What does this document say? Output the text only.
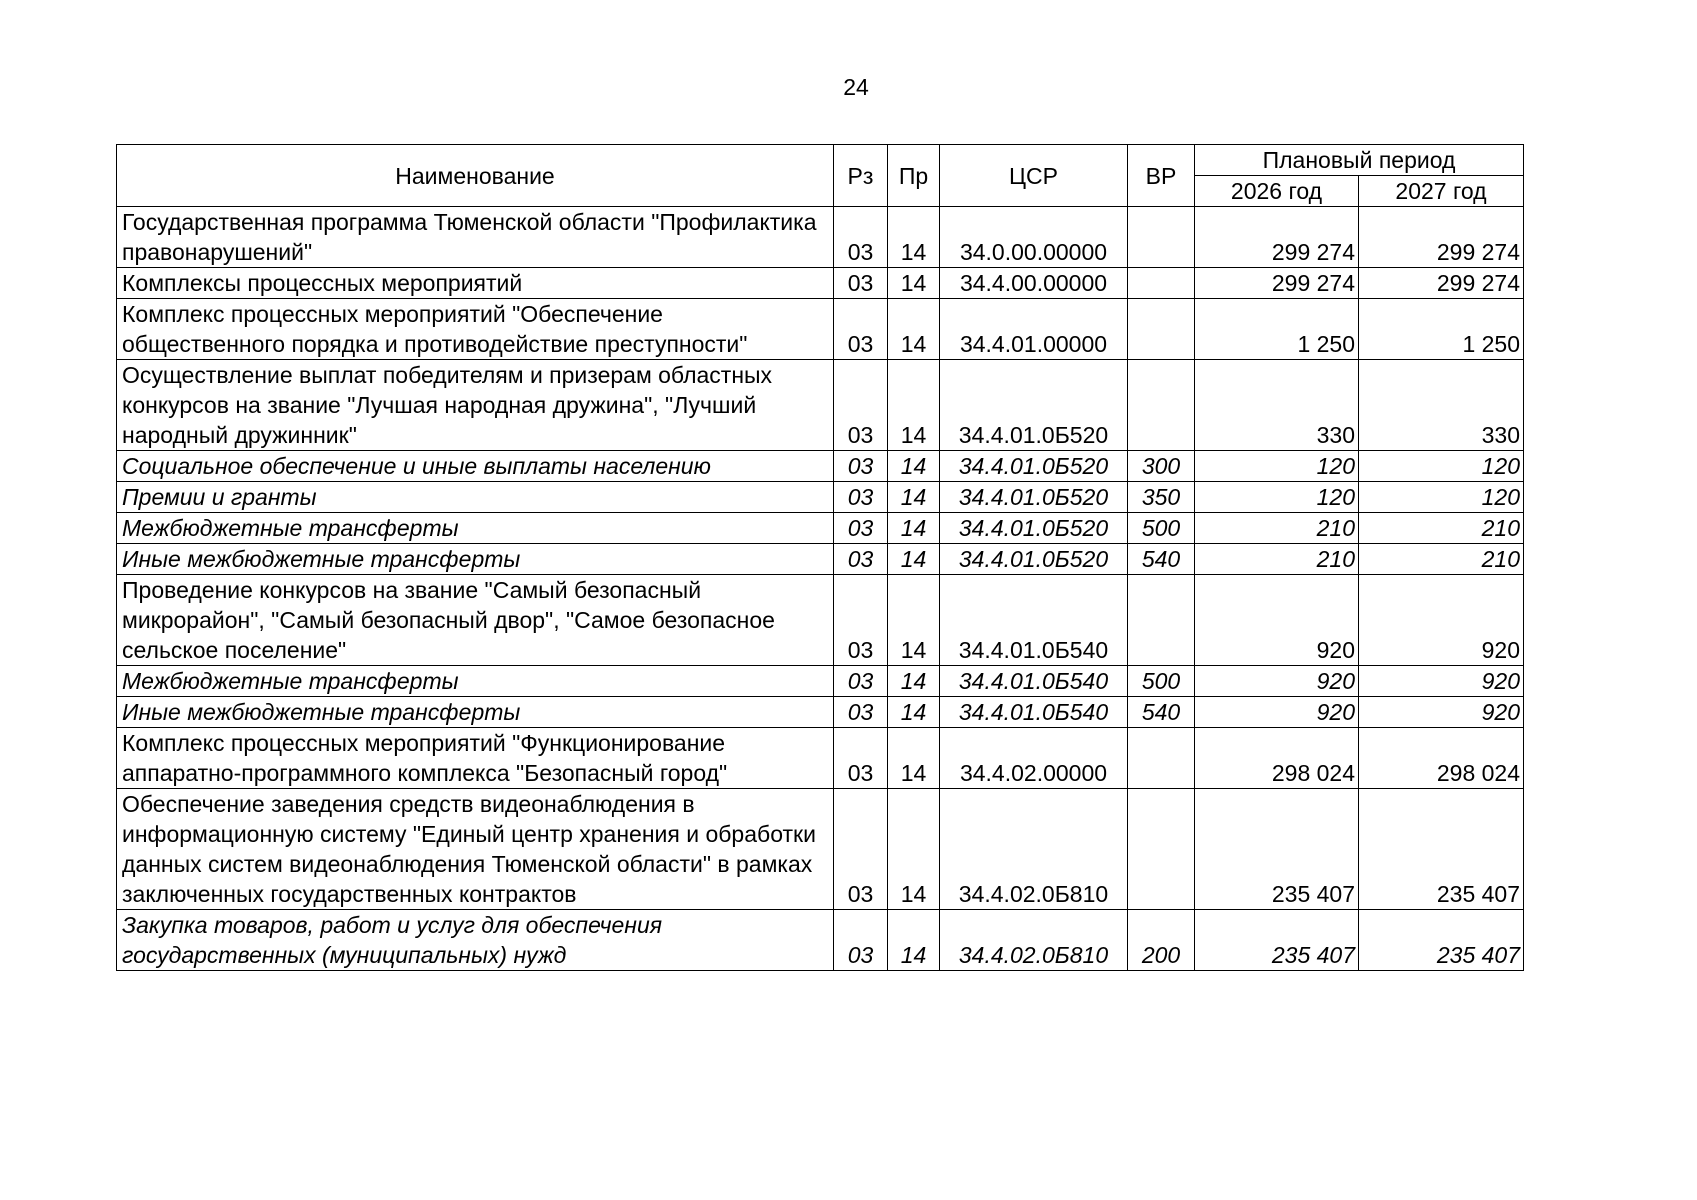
24
Наименование	Рз	Пр	ЦСР	ВР	Плановый период	
					2026 год	2027 год
Государственная программа Тюменской области "Профилактика правонарушений"	03	14	34.0.00.00000		299 274	299 274
Комплексы процессных мероприятий	03	14	34.4.00.00000		299 274	299 274
Комплекс процессных мероприятий "Обеспечение общественного порядка и противодействие преступности"	03	14	34.4.01.00000		1 250	1 250
Осуществление выплат победителям и призерам областных конкурсов на звание "Лучшая народная дружина", "Лучший народный дружинник"	03	14	34.4.01.0Б520		330	330
Социальное обеспечение и иные выплаты населению	03	14	34.4.01.0Б520	300	120	120
Премии и гранты	03	14	34.4.01.0Б520	350	120	120
Межбюджетные трансферты	03	14	34.4.01.0Б520	500	210	210
Иные межбюджетные трансферты	03	14	34.4.01.0Б520	540	210	210
Проведение конкурсов на звание "Самый безопасный микрорайон", "Самый безопасный двор", "Самое безопасное сельское поселение"	03	14	34.4.01.0Б540		920	920
Межбюджетные трансферты	03	14	34.4.01.0Б540	500	920	920
Иные межбюджетные трансферты	03	14	34.4.01.0Б540	540	920	920
Комплекс процессных мероприятий "Функционирование аппаратно-программного комплекса "Безопасный город"	03	14	34.4.02.00000		298 024	298 024
Обеспечение заведения средств видеонаблюдения в информационную систему "Единый центр хранения и обработки данных систем видеонаблюдения Тюменской области" в рамках заключенных государственных контрактов	03	14	34.4.02.0Б810		235 407	235 407
Закупка товаров, работ и услуг для обеспечения государственных (муниципальных) нужд	03	14	34.4.02.0Б810	200	235 407	235 407
